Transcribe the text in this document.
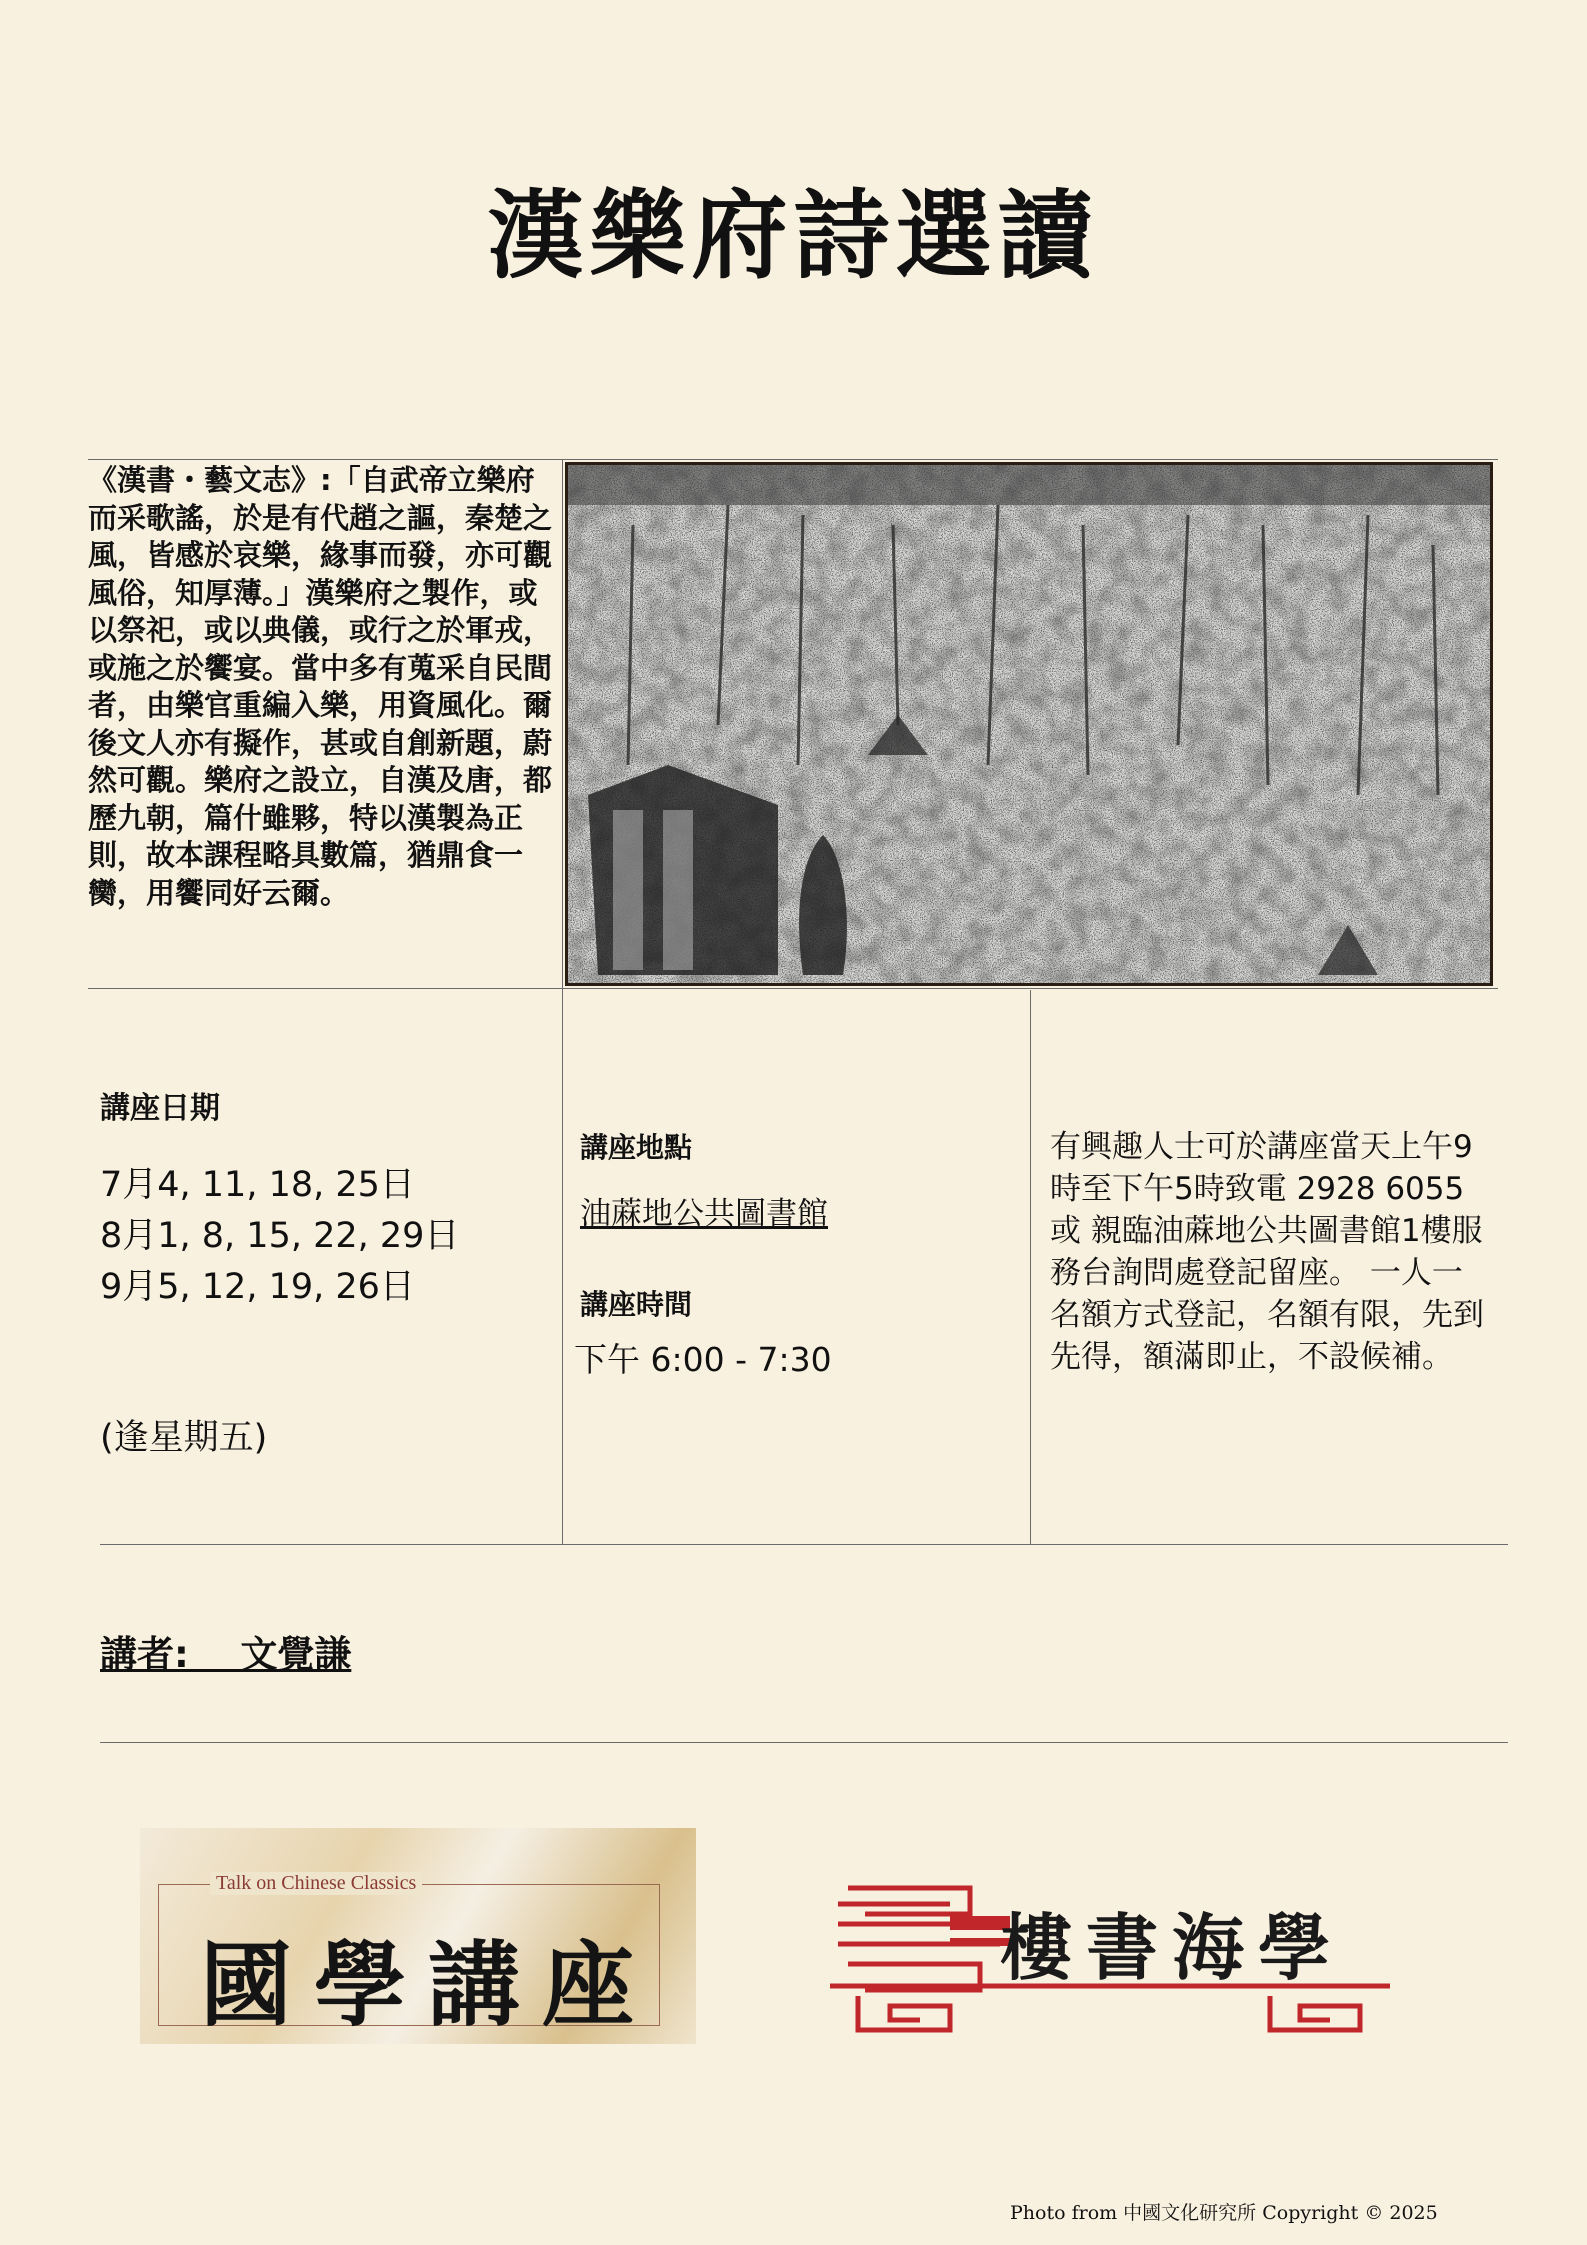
漢樂府詩選讀
《漢書・藝文志》:「自武帝立樂府而采歌謠，於是有代趙之謳，秦楚之風，皆感於哀樂，緣事而發，亦可觀風俗，知厚薄。」漢樂府之製作，或以祭祀，或以典儀，或行之於軍戎，或施之於饗宴。當中多有蒐采自民間者，由樂官重編入樂，用資風化。爾後文人亦有擬作，甚或自創新題，蔚然可觀。樂府之設立，自漢及唐，都歷九朝，篇什雖夥，特以漢製為正則，故本課程略具數篇，猶鼎食一臠，用饗同好云爾。
講座日期
7月4, 11, 18, 25日
8月1, 8, 15, 22, 29日
9月5, 12, 19, 26日
(逢星期五)
講座地點
油蔴地公共圖書館
講座時間
下午 6:00 - 7:30
有興趣人士可於講座當天上午9時至下午5時致電 2928 6055 或 親臨油蔴地公共圖書館1樓服務台詢問處登記留座。 一人一名額方式登記，名額有限，先到先得，額滿即止，不設候補。
講者:    文覺謙
Talk on Chinese Classics
國學講座	樓書海學
Photo from 中國文化研究所 Copyright © 2025
